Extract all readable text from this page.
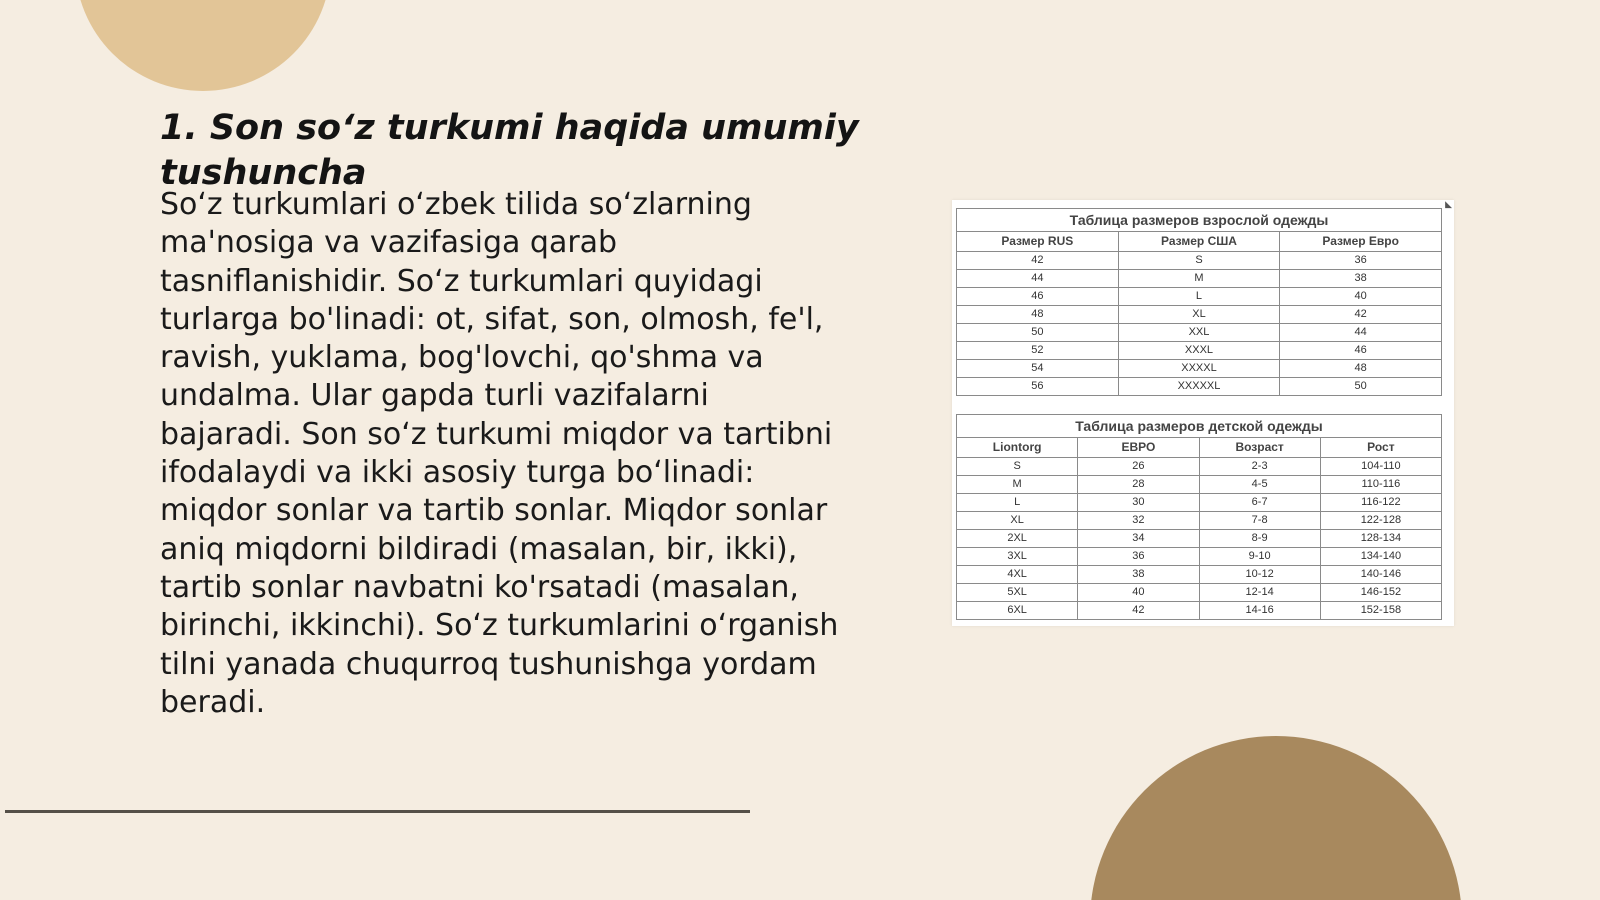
1. Son soʻz turkumi haqida umumiy tushuncha

Soʻz turkumlari oʻzbek tilida soʻzlarning ma'nosiga va vazifasiga qarab tasniflanishidir. Soʻz turkumlari quyidagi turlarga bo'linadi: ot, sifat, son, olmosh, fe'l, ravish, yuklama, bog'lovchi, qo'shma va undalma. Ular gapda turli vazifalarni bajaradi. Son soʻz turkumi miqdor va tartibni ifodalaydi va ikki asosiy turga boʻlinadi: miqdor sonlar va tartib sonlar. Miqdor sonlar aniq miqdorni bildiradi (masalan, bir, ikki), tartib sonlar navbatni ko'rsatadi (masalan, birinchi, ikkinchi). Soʻz turkumlarini oʻrganish tilni yanada chuqurroq tushunishga yordam beradi.

◣
Таблица размеров взрослой одежды		
Размер RUS	Размер США	Размер Евро
42	S	36
44	M	38
46	L	40
48	XL	42
50	XXL	44
52	XXXL	46
54	XXXXL	48
56	XXXXXL	50
Таблица размеров детской одежды			
Liontorg	ЕВРО	Возраст	Рост
S	26	2-3	104-110
M	28	4-5	110-116
L	30	6-7	116-122
XL	32	7-8	122-128
2XL	34	8-9	128-134
3XL	36	9-10	134-140
4XL	38	10-12	140-146
5XL	40	12-14	146-152
6XL	42	14-16	152-158
